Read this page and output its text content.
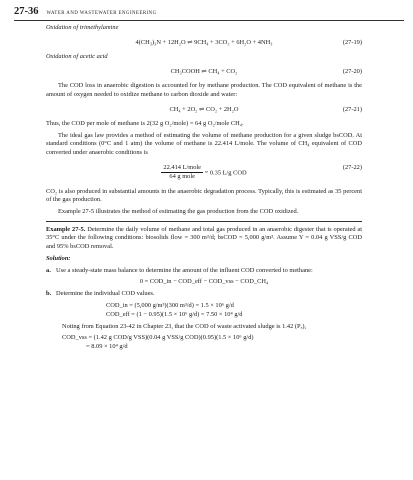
27-36 WATER AND WASTEWATER ENGINEERING
Oxidation of trimethylamine
4(CH₃)₃N + 12H₂O ⇌ 9CH₄ + 3CO₂ + 6H₂O + 4NH₃	(27-19)
Oxidation of acetic acid
CH₃COOH ⇌ CH₄ + CO₂	(27-20)

The COD loss in anaerobic digestion is accounted for by methane production. The COD equivalent of methane is the amount of oxygen needed to oxidize methane to carbon dioxide and water:

CH₄ + 2O₂ ⇌ CO₂ + 2H₂O	(27-21)

Thus, the COD per mole of methane is 2(32 g O₂/mole) = 64 g O₂/mole CH₄.

The ideal gas law provides a method of estimating the volume of methane production for a given sludge bsCOD. At standard conditions (0°C and 1 atm) the volume of methane is 22.414 L/mole. The volume of CH₄ equivalent of COD converted under anaerobic conditions is

$\frac{\text{22.414 L/mole}}{\text{64 g mole}} = 0.35$ L/g COD
(27-22)

CO₂ is also produced in substantial amounts in the anaerobic degradation process. Typically, this is estimated as 35 percent of the gas production.

Example 27-5 illustrates the method of estimating the gas production from the COD oxidized.

Example 27-5. Determine the daily volume of methane and total gas produced in an anaerobic digester that is operated at 35°C under the following conditions: biosolids flow = 300 m³/d; bsCOD = 5,000 g/m³. Assume Y = 0.04 g VSS/g COD and 95% bsCOD removal.

Solution:
a. Use a steady-state mass balance to determine the amount of the influent COD converted to methane:
0 = COD_in − COD_eff − COD_vss − COD_CH₄
b. Determine the individual COD values.
COD_in = (5,000 g/m³)(300 m³/d) = 1.5 × 10⁶ g/d
COD_eff = (1 − 0.95)(1.5 × 10⁶ g/d) = 7.50 × 10⁴ g/d
Noting from Equation 23-42 in Chapter 23, that the COD of waste activated sludge is 1.42 (Pₓ),
COD_vss = (1.42 g COD/g VSS)(0.04 g VSS/g COD)(0.95)(1.5 × 10⁶ g/d)
= 8.09 × 10⁴ g/d
